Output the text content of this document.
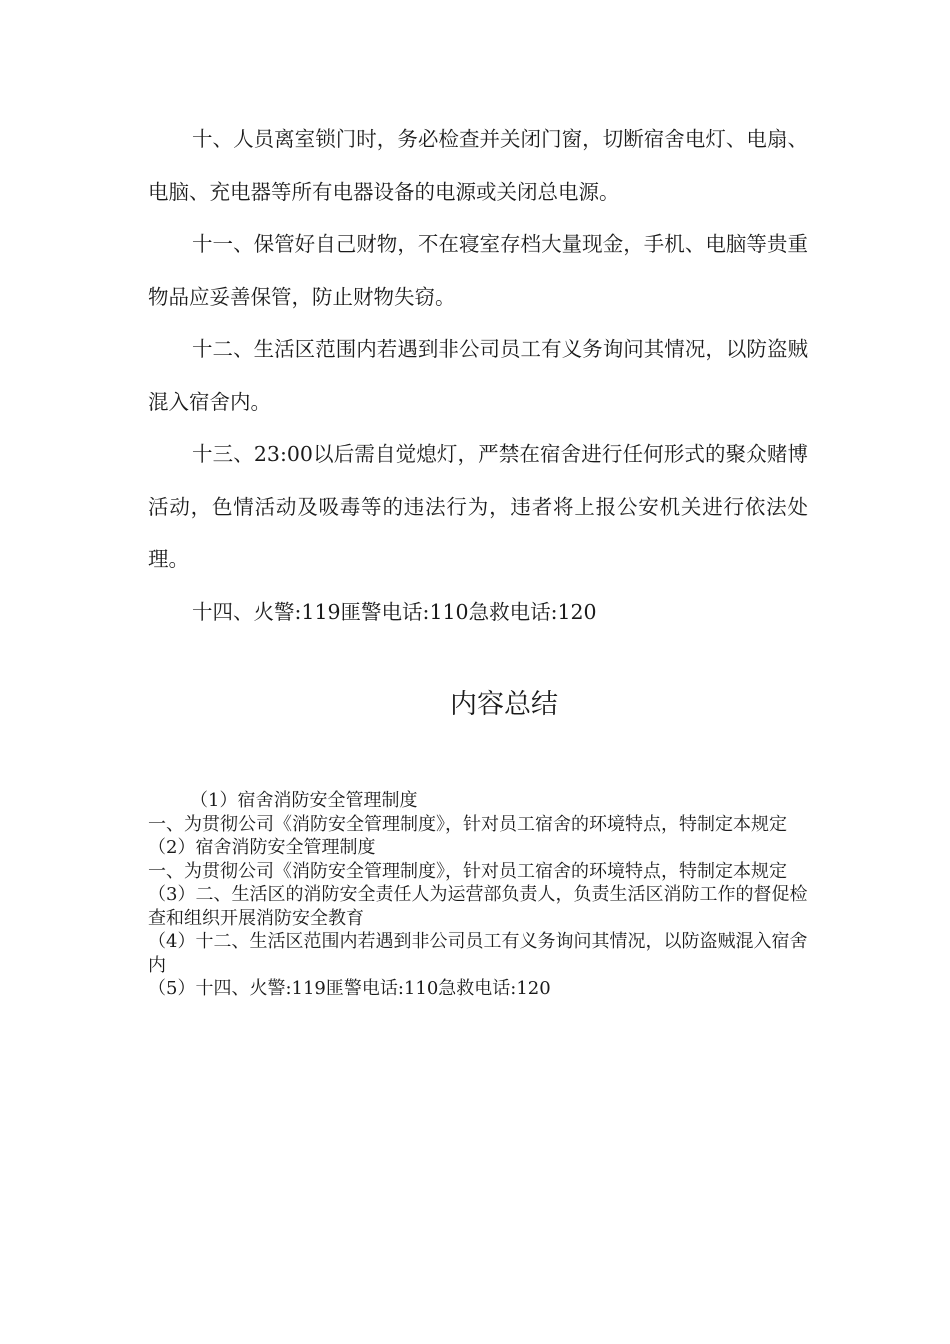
十、人员离室锁门时，务必检查并关闭门窗，切断宿舍电灯、电扇、电脑、充电器等所有电器设备的电源或关闭总电源。

十一、保管好自己财物，不在寝室存档大量现金，手机、电脑等贵重物品应妥善保管，防止财物失窃。

十二、生活区范围内若遇到非公司员工有义务询问其情况，以防盗贼混入宿舍内。

十三、23:00以后需自觉熄灯，严禁在宿舍进行任何形式的聚众赌博活动，色情活动及吸毒等的违法行为，违者将上报公安机关进行依法处理。

十四、火警:119匪警电话:110急救电话:120

内容总结
（1）宿舍消防安全管理制度
一、为贯彻公司《消防安全管理制度》，针对员工宿舍的环境特点，特制定本规定
（2）宿舍消防安全管理制度
一、为贯彻公司《消防安全管理制度》，针对员工宿舍的环境特点，特制定本规定
（3）二、生活区的消防安全责任人为运营部负责人，负责生活区消防工作的督促检查和组织开展消防安全教育
（4）十二、生活区范围内若遇到非公司员工有义务询问其情况，以防盗贼混入宿舍内
（5）十四、火警:119匪警电话:110急救电话:120
